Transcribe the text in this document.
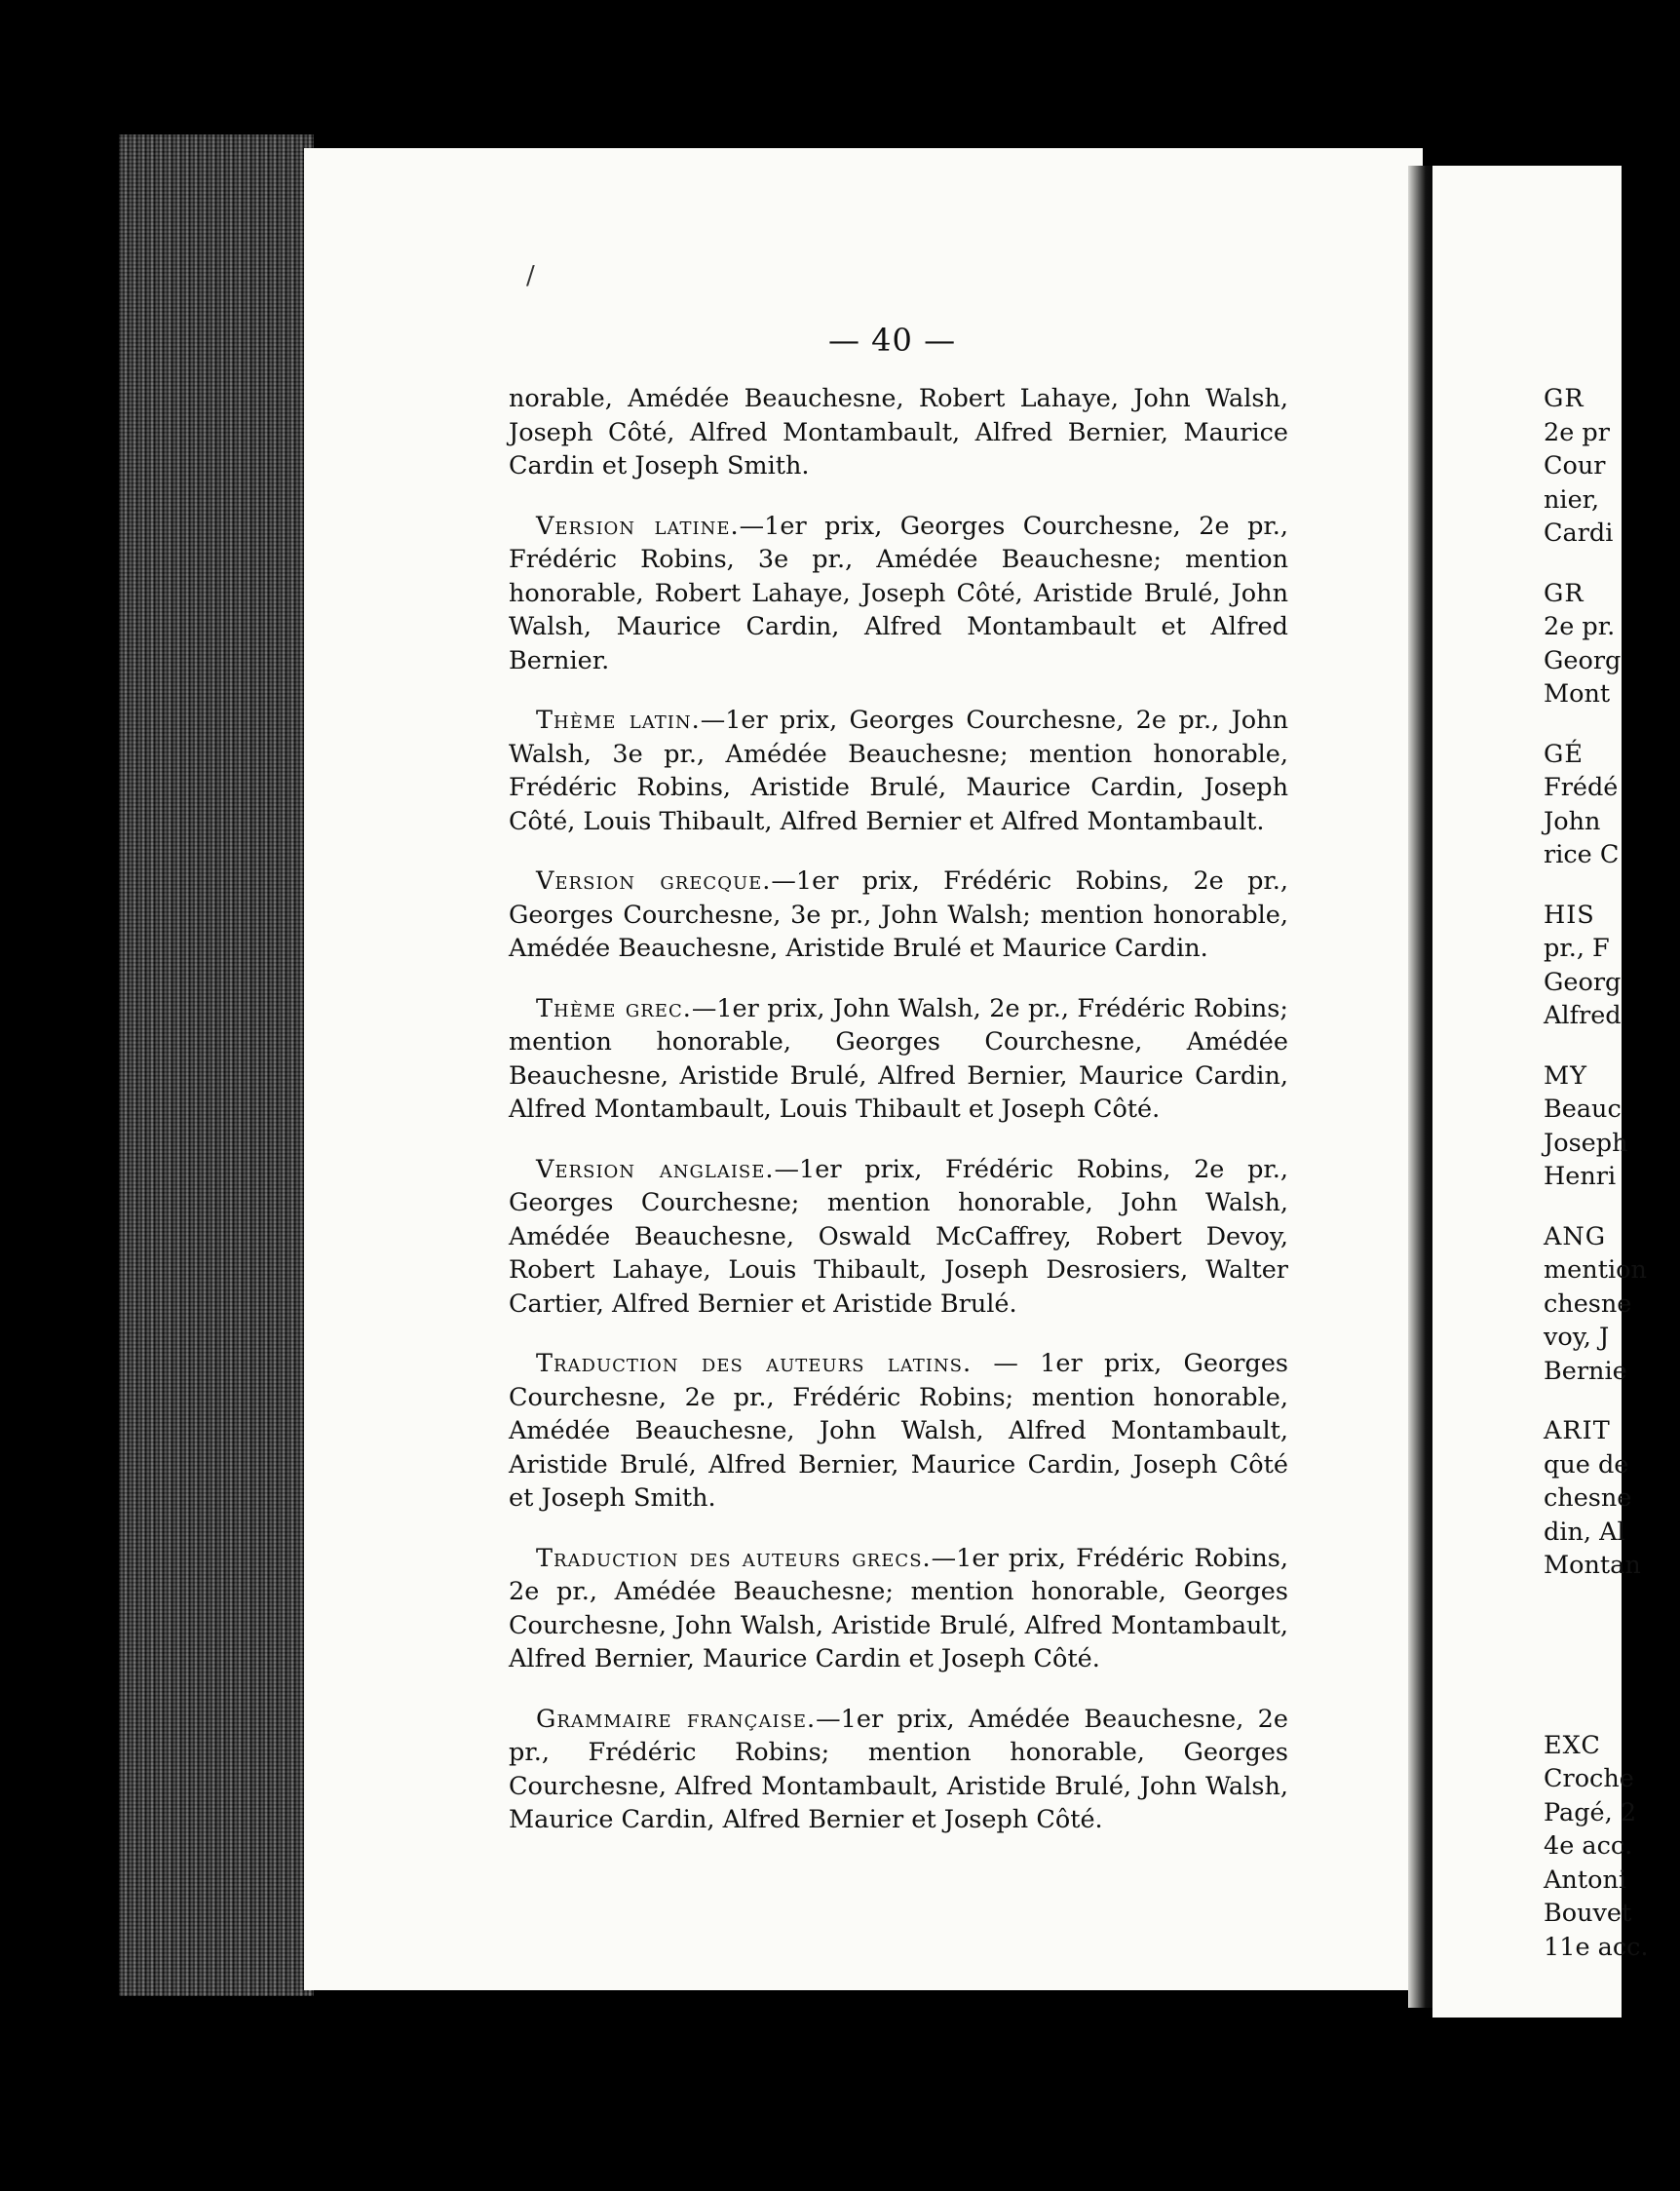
/
— 40 —

norable, Amédée Beauchesne, Robert Lahaye, John Walsh, Joseph Côté, Alfred Montambault, Alfred Bernier, Maurice Cardin et Joseph Smith.

Version latine.—1er prix, Georges Courchesne, 2e pr., Frédéric Robins, 3e pr., Amédée Beauchesne; mention honorable, Robert Lahaye, Joseph Côté, Aristide Brulé, John Walsh, Maurice Cardin, Alfred Montambault et Alfred Bernier.

Thème latin.—1er prix, Georges Courchesne, 2e pr., John Walsh, 3e pr., Amédée Beauchesne; mention honorable, Frédéric Robins, Aristide Brulé, Maurice Cardin, Joseph Côté, Louis Thibault, Alfred Bernier et Alfred Montambault.

Version grecque.—1er prix, Frédéric Robins, 2e pr., Georges Courchesne, 3e pr., John Walsh; mention honorable, Amédée Beauchesne, Aristide Brulé et Maurice Cardin.

Thème grec.—1er prix, John Walsh, 2e pr., Frédéric Robins; mention honorable, Georges Courchesne, Amédée Beauchesne, Aristide Brulé, Alfred Bernier, Maurice Cardin, Alfred Montambault, Louis Thibault et Joseph Côté.

Version anglaise.—1er prix, Frédéric Robins, 2e pr., Georges Courchesne; mention honorable, John Walsh, Amédée Beauchesne, Oswald McCaffrey, Robert Devoy, Robert Lahaye, Louis Thibault, Joseph Desrosiers, Walter Cartier, Alfred Bernier et Aristide Brulé.

Traduction des auteurs latins. — 1er prix, Georges Courchesne, 2e pr., Frédéric Robins; mention honorable, Amédée Beauchesne, John Walsh, Alfred Montambault, Aristide Brulé, Alfred Bernier, Maurice Cardin, Joseph Côté et Joseph Smith.

Traduction des auteurs grecs.—1er prix, Frédéric Robins, 2e pr., Amédée Beauchesne; mention honorable, Georges Courchesne, John Walsh, Aristide Brulé, Alfred Montambault, Alfred Bernier, Maurice Cardin et Joseph Côté.

Grammaire française.—1er prix, Amédée Beauchesne, 2e pr., Frédéric Robins; mention honorable, Georges Courchesne, Alfred Montambault, Aristide Brulé, John Walsh, Maurice Cardin, Alfred Bernier et Joseph Côté.

GR
2e pr
Cour
nier,
Cardi
GR
2e pr.
Georg
Mont
GÉ
Frédé
John
rice C
HIS
pr., F
Georg
Alfred
MY
Beauc
Joseph
Henri
ANG
mention
chesne
voy, J
Bernie
ARIT
que de
chesne
din, Al
Montan
EXC
Croche
Pagé, 2
4e acc.
Antoni
Bouvet
11e acc.
